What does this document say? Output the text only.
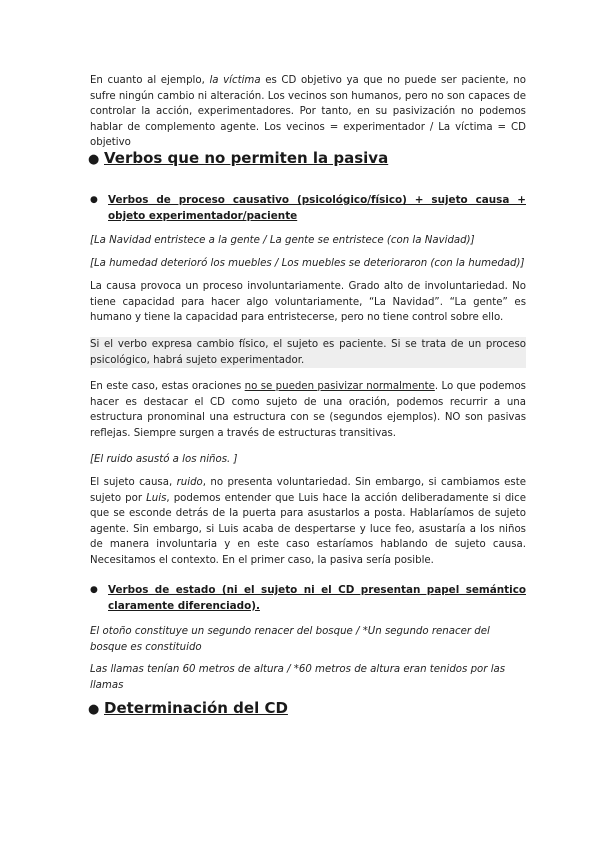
En cuanto al ejemplo, la víctima es CD objetivo ya que no puede ser paciente, no sufre ningún cambio ni alteración. Los vecinos son humanos, pero no son capaces de controlar la acción, experimentadores. Por tanto, en su pasivización no podemos hablar de complemento agente. Los vecinos = experimentador / La víctima = CD objetivo

● Verbos que no permiten la pasiva
● Verbos de proceso causativo (psicológico/físico) + sujeto causa + objeto experimentador/paciente

[La Navidad entristece a la gente / La gente se entristece (con la Navidad)]

[La humedad deterioró los muebles / Los muebles se deterioraron (con la humedad)]

La causa provoca un proceso involuntariamente. Grado alto de involuntariedad. No tiene capacidad para hacer algo voluntariamente, “La Navidad”. “La gente” es humano y tiene la capacidad para entristecerse, pero no tiene control sobre ello.

Si el verbo expresa cambio físico, el sujeto es paciente. Si se trata de un proceso psicológico, habrá sujeto experimentador.

En este caso, estas oraciones no se pueden pasivizar normalmente. Lo que podemos hacer es destacar el CD como sujeto de una oración, podemos recurrir a una estructura pronominal una estructura con se (segundos ejemplos). NO son pasivas reflejas. Siempre surgen a través de estructuras transitivas.

[El ruido asustó a los niños. ]

El sujeto causa, ruido, no presenta voluntariedad. Sin embargo, si cambiamos este sujeto por Luis, podemos entender que Luis hace la acción deliberadamente si dice que se esconde detrás de la puerta para asustarlos a posta. Hablaríamos de sujeto agente. Sin embargo, si Luis acaba de despertarse y luce feo, asustaría a los niños de manera involuntaria y en este caso estaríamos hablando de sujeto causa. Necesitamos el contexto. En el primer caso, la pasiva sería posible.

● Verbos de estado (ni el sujeto ni el CD presentan papel semántico claramente diferenciado).

El otoño constituye un segundo renacer del bosque / *Un segundo renacer del bosque es constituido

Las llamas tenían 60 metros de altura / *60 metros de altura eran tenidos por las llamas

● Determinación del CD
